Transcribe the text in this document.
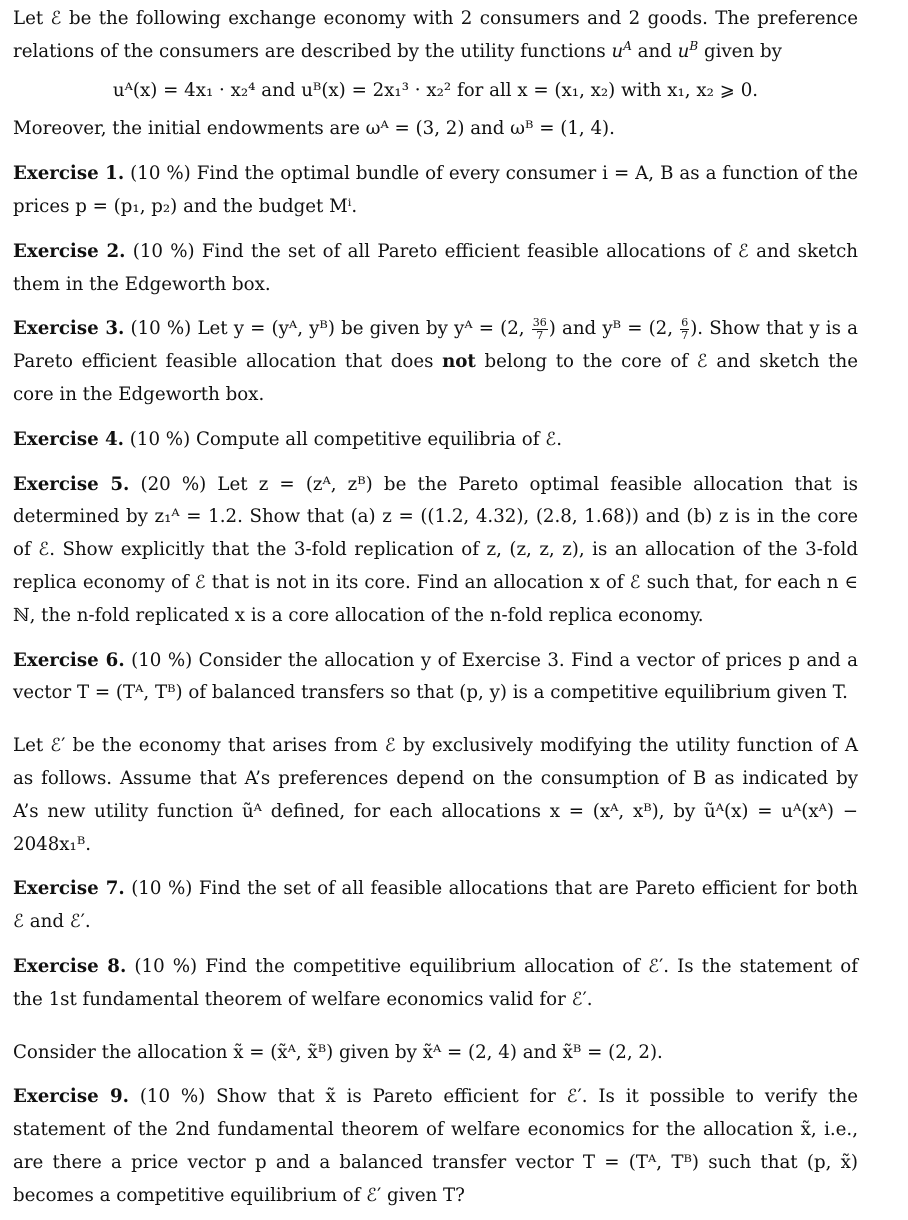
Let ℰ be the following exchange economy with 2 consumers and 2 goods. The preference relations of the consumers are described by the utility functions $u^A$ and $u^B$ given by

uᴬ(x) = 4x₁ · x₂⁴ and uᴮ(x) = 2x₁³ · x₂² for all x = (x₁, x₂) with x₁, x₂ ⩾ 0.

Moreover, the initial endowments are ωᴬ = (3, 2) and ωᴮ = (1, 4).

Exercise 1. (10 %) Find the optimal bundle of every consumer i = A, B as a function of the prices p = (p₁, p₂) and the budget Mⁱ.

Exercise 2. (10 %) Find the set of all Pareto efficient feasible allocations of ℰ and sketch them in the Edgeworth box.

Exercise 3. (10 %) Let y = (yᴬ, yᴮ) be given by yᴬ = (2, $\frac{36}{7}$ ) and yᴮ = (2, $\frac{6}{7}$ ). Show that y is a Pareto efficient feasible allocation that does not belong to the core of ℰ and sketch the core in the Edgeworth box.

Exercise 4. (10 %) Compute all competitive equilibria of ℰ.

Exercise 5. (20 %) Let z = (zᴬ, zᴮ) be the Pareto optimal feasible allocation that is determined by z₁ᴬ = 1.2. Show that (a) z = ((1.2, 4.32), (2.8, 1.68)) and (b) z is in the core of ℰ. Show explicitly that the 3-fold replication of z, (z, z, z), is an allocation of the 3-fold replica economy of ℰ that is not in its core. Find an allocation x of ℰ such that, for each n ∈ ℕ, the n-fold replicated x is a core allocation of the n-fold replica economy.

Exercise 6. (10 %) Consider the allocation y of Exercise 3. Find a vector of prices p and a vector T = (Tᴬ, Tᴮ) of balanced transfers so that (p, y) is a competitive equilibrium given T.

Let ℰ′ be the economy that arises from ℰ by exclusively modifying the utility function of A as follows. Assume that A’s preferences depend on the consumption of B as indicated by A’s new utility function ũᴬ defined, for each allocations x = (xᴬ, xᴮ), by ũᴬ(x) = uᴬ(xᴬ) − 2048x₁ᴮ.

Exercise 7. (10 %) Find the set of all feasible allocations that are Pareto efficient for both ℰ and ℰ′.

Exercise 8. (10 %) Find the competitive equilibrium allocation of ℰ′. Is the statement of the 1st fundamental theorem of welfare economics valid for ℰ′.

Consider the allocation x̃ = (x̃ᴬ, x̃ᴮ) given by x̃ᴬ = (2, 4) and x̃ᴮ = (2, 2).

Exercise 9. (10 %) Show that x̃ is Pareto efficient for ℰ′. Is it possible to verify the statement of the 2nd fundamental theorem of welfare economics for the allocation x̃, i.e., are there a price vector p and a balanced transfer vector T = (Tᴬ, Tᴮ) such that (p, x̃) becomes a competitive equilibrium of ℰ′ given T?
